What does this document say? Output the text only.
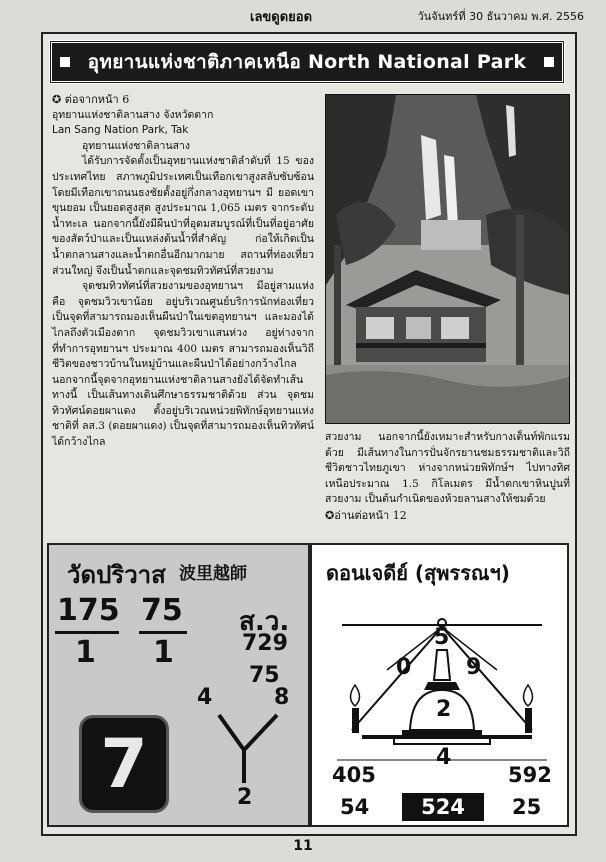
เลขดูดยอด	วันจันทร์ที่ 30 ธันวาคม พ.ศ. 2556
อุทยานแห่งชาติภาคเหนือ North National Park

✪ ต่อจากหน้า 6

อุทยานแห่งชาติลานสาง จังหวัดตาก

Lan Sang Nation Park, Tak

อุทยานแห่งชาติลานสาง

ได้รับการจัดตั้งเป็นอุทยานแห่งชาติลำดับที่ 15 ของประเทศไทย สภาพภูมิประเทศเป็นเทือกเขาสูงสลับซับซ้อนโดยมีเทือกเขาถนนธงชัยตั้งอยู่กึ่งกลางอุทยานฯ มี ยอดเขาขุนยอม เป็นยอดสูงสุด สูงประมาณ 1,065 เมตร จากระดับน้ำทะเล นอกจากนี้ยังมีผืนป่าที่อุดมสมบูรณ์ที่เป็นที่อยู่อาศัยของสัตว์ป่าและเป็นแหล่งต้นน้ำที่สำคัญ ก่อให้เกิดเป็นน้ำตกลานสางและน้ำตกอื่นอีกมากมาย สถานที่ท่องเที่ยวส่วนใหญ่ จึงเป็นน้ำตกและจุดชมทิวทัศน์ที่สวยงาม

จุดชมทิวทัศน์ที่สวยงามของอุทยานฯ มีอยู่สามแห่งคือ จุดชมวิวเขาน้อย อยู่บริเวณศูนย์บริการนักท่องเที่ยว เป็นจุดที่สามารถมองเห็นผืนป่าในเขตอุทยานฯ และมองได้ไกลถึงตัวเมืองตาก จุดชมวิวเขาแสนห่วง อยู่ห่างจากที่ทำการอุทยานฯ ประมาณ 400 เมตร สามารถมองเห็นวิถีชีวิตของชาวบ้านในหมู่บ้านและผืนป่าได้อย่างกว้างไกล นอกจากนี้จุดจากอุทยานแห่งชาติลานสางยังได้จัดทำเส้นทางนี้ เป็นเส้นทางเดินศึกษาธรรมชาติด้วย ส่วน จุดชมทิวทัศน์ดอยผาแดง ตั้งอยู่บริเวณหน่วยพิทักษ์อุทยานแห่งชาติที่ ลส.3 (ดอยผาแดง) เป็นจุดที่สามารถมองเห็นทิวทัศน์ได้กว้างไกล	สวยงาม นอกจากนี้ยังเหมาะสำหรับกางเต็นท์พักแรมด้วย มีเส้นทางในการปั่นจักรยานชมธรรมชาติและวิถีชีวิตชาวไทยภูเขา ห่างจากหน่วยพิทักษ์ฯ ไปทางทิศเหนือประมาณ 1.5 กิโลเมตร มีน้ำตกเขาหินปูนที่สวยงาม เป็นต้นกำเนิดของห้วยลานสางให้ชมด้วย

✪อ่านต่อหน้า 12

วัดปริวาส 波里越師
175
1
75
1
ส.ว.
729
75
4	8
2
7
ดอนเจดีย์ (สุพรรณฯ)
5
0 9
2
4
405	592
54 524 25
11
